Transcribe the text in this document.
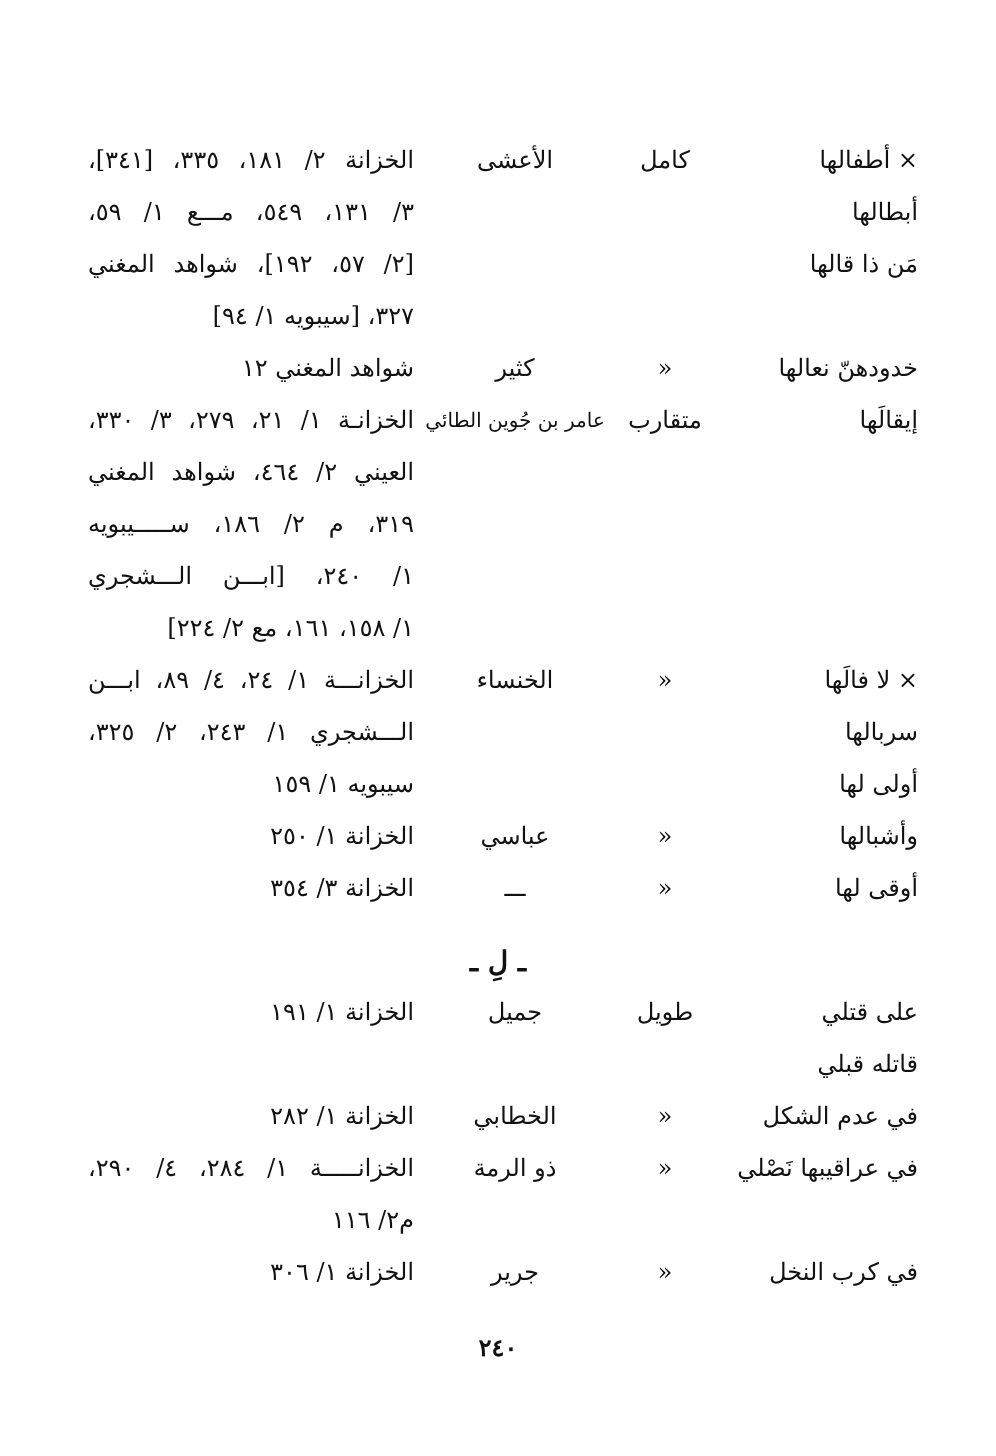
× أطفالها
كامل
الأعشى
الخزانة ٢/ ١٨١، ٣٣٥، [٣٤١]،
أبطالها
٣/ ١٣١، ٥٤٩، مـــع ١/ ٥٩،
مَن ذا قالها
[٢/ ٥٧، ١٩٢]، شواهد المغني
٣٢٧، [سيبويه ١/ ٩٤]
خدودهنّ نعالها
«
كثير
شواهد المغني ١٢
إيقالَها
متقارب
عامر بن جُوين الطائي
الخزانـة ١/ ٢١، ٢٧٩، ٣/ ٣٣٠،
العيني ٢/ ٤٦٤، شواهد المغني
٣١٩، م ٢/ ١٨٦، ســـــيبويه
١/ ٢٤٠، [ابـــن الـــشجري
١/ ١٥٨، ١٦١، مع ٢/ ٢٢٤]
× لا فالَها
«
الخنساء
الخزانـــة ١/ ٢٤، ٤/ ٨٩، ابـــن
سربالها
الـــشجري ١/ ٢٤٣، ٢/ ٣٢٥،
أولى لها
سيبويه ١/ ١٥٩
وأشبالها
«
عباسي
الخزانة ١/ ٢٥٠
أوقى لها
«
ـــ
الخزانة ٣/ ٣٥٤
ـ لِ ـ
على قتلي
طويل
جميل
الخزانة ١/ ١٩١
قاتله قبلي
في عدم الشكل
«
الخطابي
الخزانة ١/ ٢٨٢
في عراقيبها نَصْلي
«
ذو الرمة
الخزانـــــة ١/ ٢٨٤، ٤/ ٢٩٠،
م٢/ ١١٦
في كرب النخل
«
جرير
الخزانة ١/ ٣٠٦
٢٤٠
